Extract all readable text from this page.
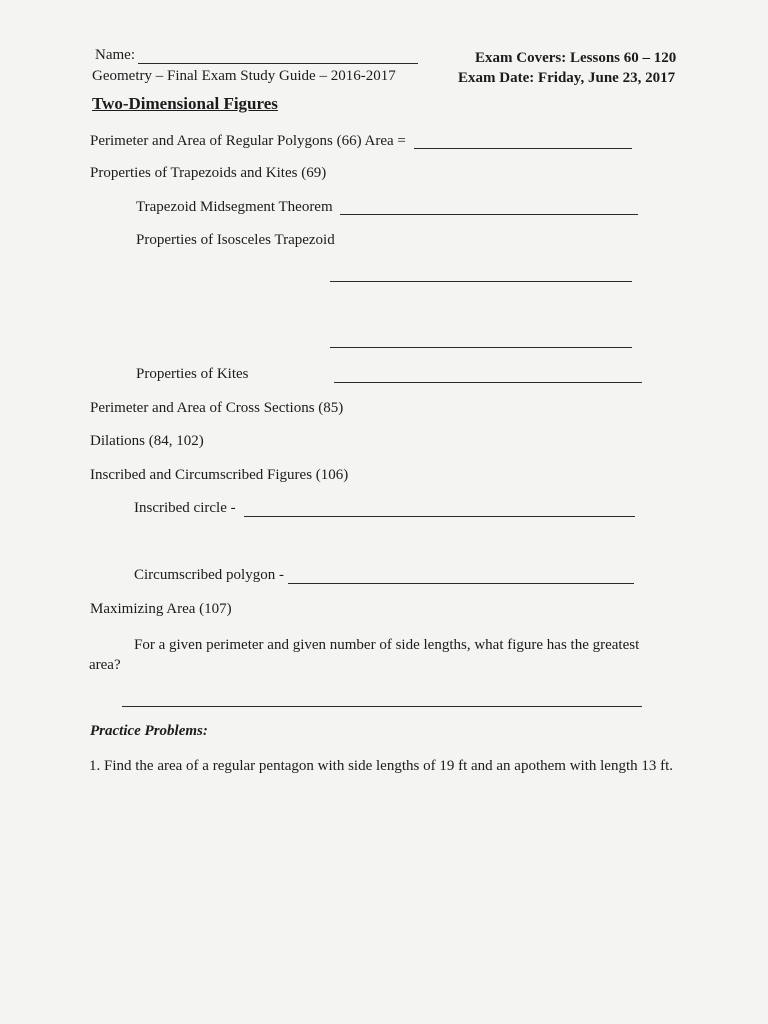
Name:
Geometry – Final Exam Study Guide – 2016-2017
Exam Covers: Lessons 60 – 120
Exam Date: Friday, June 23, 2017
Two-Dimensional Figures
Perimeter and Area of Regular Polygons (66) Area =
Properties of Trapezoids and Kites (69)
Trapezoid Midsegment Theorem
Properties of Isosceles Trapezoid
Properties of Kites
Perimeter and Area of Cross Sections (85)
Dilations (84, 102)
Inscribed and Circumscribed Figures (106)
Inscribed circle -
Circumscribed polygon -
Maximizing Area (107)
For a given perimeter and given number of side lengths, what figure has the greatest
area?
Practice Problems:
1. Find the area of a regular pentagon with side lengths of 19 ft and an apothem with length 13 ft.
